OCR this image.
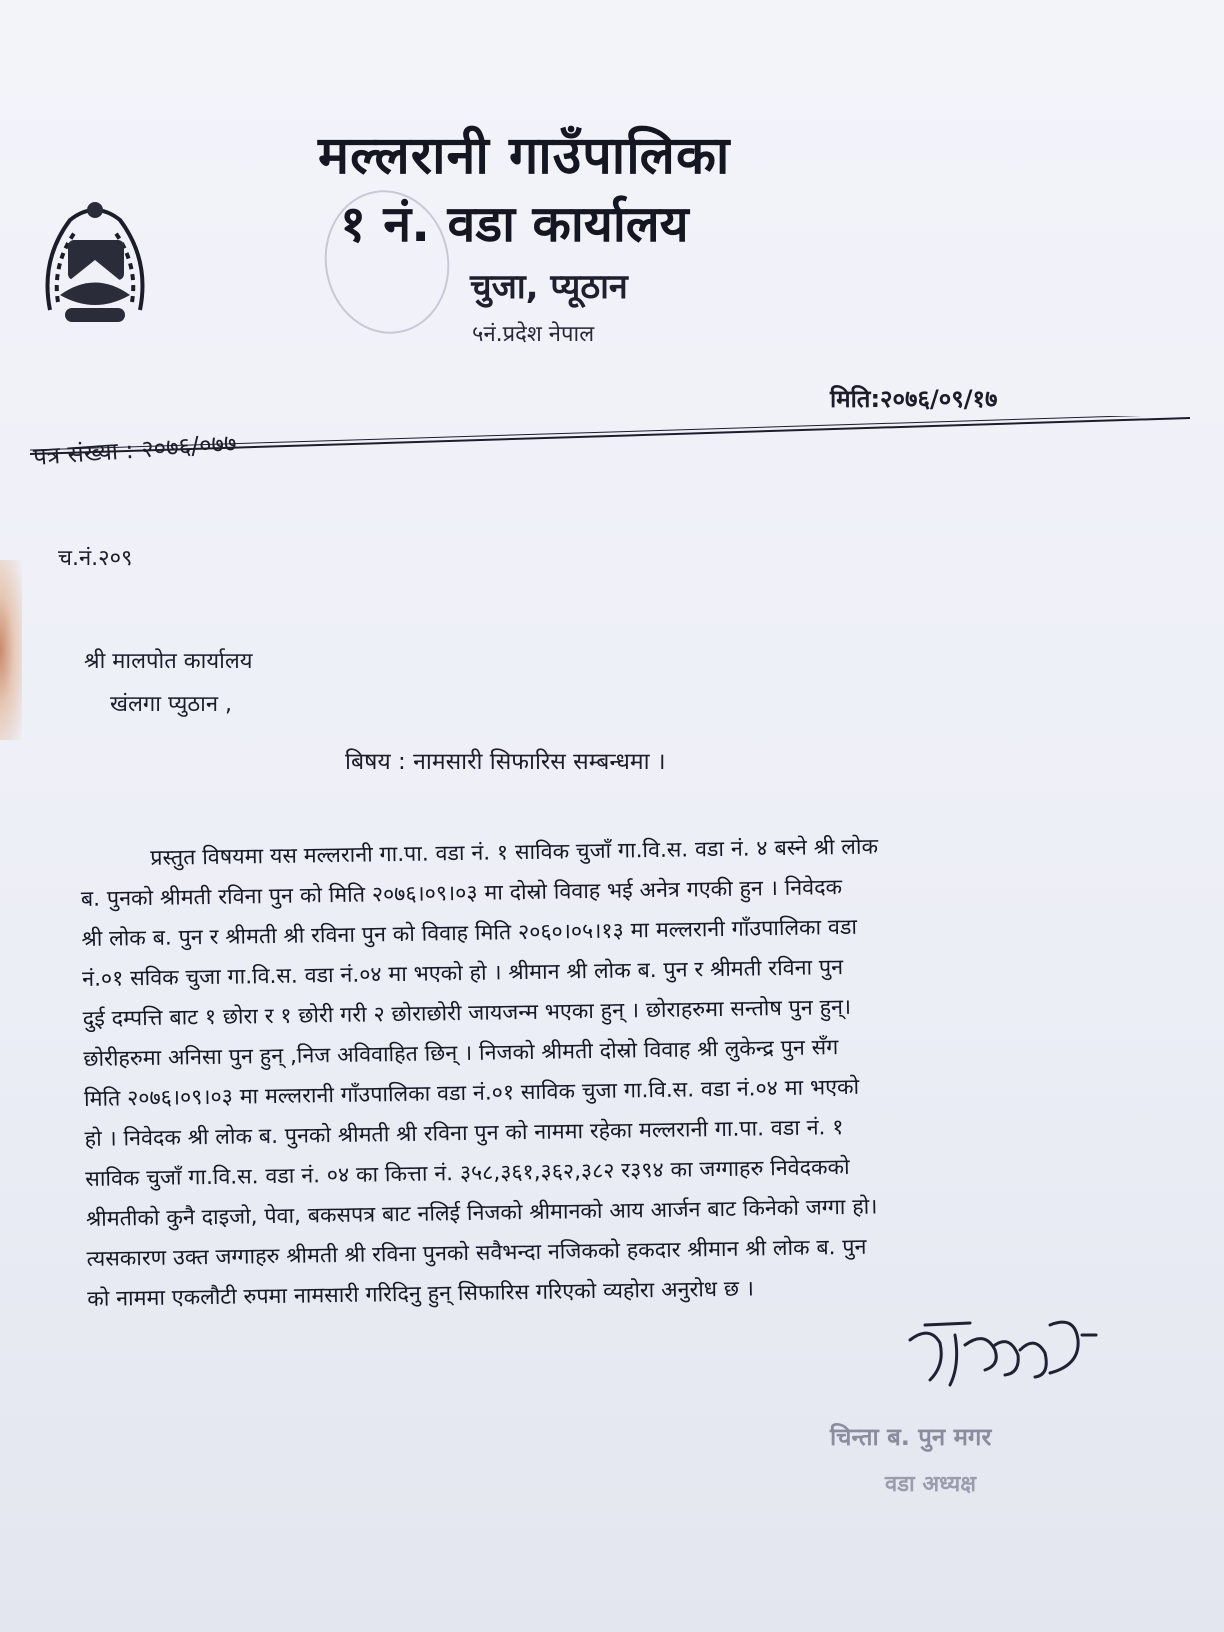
मल्लरानी गाउँपालिका
१ नं. वडा कार्यालय
चुजा, प्यूठान
५नं.प्रदेश नेपाल
मिति:२०७६/०९/१७
पत्र संख्या : २०७६/०७७
च.नं.२०९
श्री मालपोत कार्यालय
खंलगा प्युठान ,
बिषय : नामसारी सिफारिस सम्बन्धमा ।
प्रस्तुत विषयमा यस मल्लरानी गा.पा. वडा नं. १ साविक चुजाँ गा.वि.स. वडा नं. ४ बस्ने श्री लोक
ब. पुनको श्रीमती रविना पुन को मिति २०७६।०९।०३ मा दोस्रो विवाह भई अनेत्र गएकी हुन । निवेदक
श्री लोक ब. पुन र श्रीमती श्री रविना पुन को विवाह मिति २०६०।०५।१३ मा मल्लरानी गाँउपालिका वडा
नं.०१ सविक चुजा गा.वि.स. वडा नं.०४ मा भएको हो । श्रीमान श्री लोक ब. पुन र श्रीमती रविना पुन
दुई दम्पत्ति बाट १ छोरा र १ छोरी गरी २ छोराछोरी जायजन्म भएका हुन् । छोराहरुमा सन्तोष पुन हुन्।
छोरीहरुमा अनिसा पुन हुन् ,निज अविवाहित छिन् । निजको श्रीमती दोस्रो विवाह श्री लुकेन्द्र पुन सँग
मिति २०७६।०९।०३ मा मल्लरानी गाँउपालिका वडा नं.०१ साविक चुजा गा.वि.स. वडा नं.०४ मा भएको
हो । निवेदक श्री लोक ब. पुनको श्रीमती श्री रविना पुन को नाममा रहेका मल्लरानी गा.पा. वडा नं. १
साविक चुजाँ गा.वि.स. वडा नं. ०४ का कित्ता नं. ३५८,३६१,३६२,३८२ र३९४ का जग्गाहरु निवेदकको
श्रीमतीको कुनै दाइजो, पेवा, बकसपत्र बाट नलिई निजको श्रीमानको आय आर्जन बाट किनेको जग्गा हो।
त्यसकारण उक्त जग्गाहरु श्रीमती श्री रविना पुनको सवैभन्दा नजिकको हकदार श्रीमान श्री लोक ब. पुन
को नाममा एकलौटी रुपमा नामसारी गरिदिनु हुन् सिफारिस गरिएको व्यहोरा अनुरोध छ ।
चिन्ता ब. पुन मगर
वडा अध्यक्ष
